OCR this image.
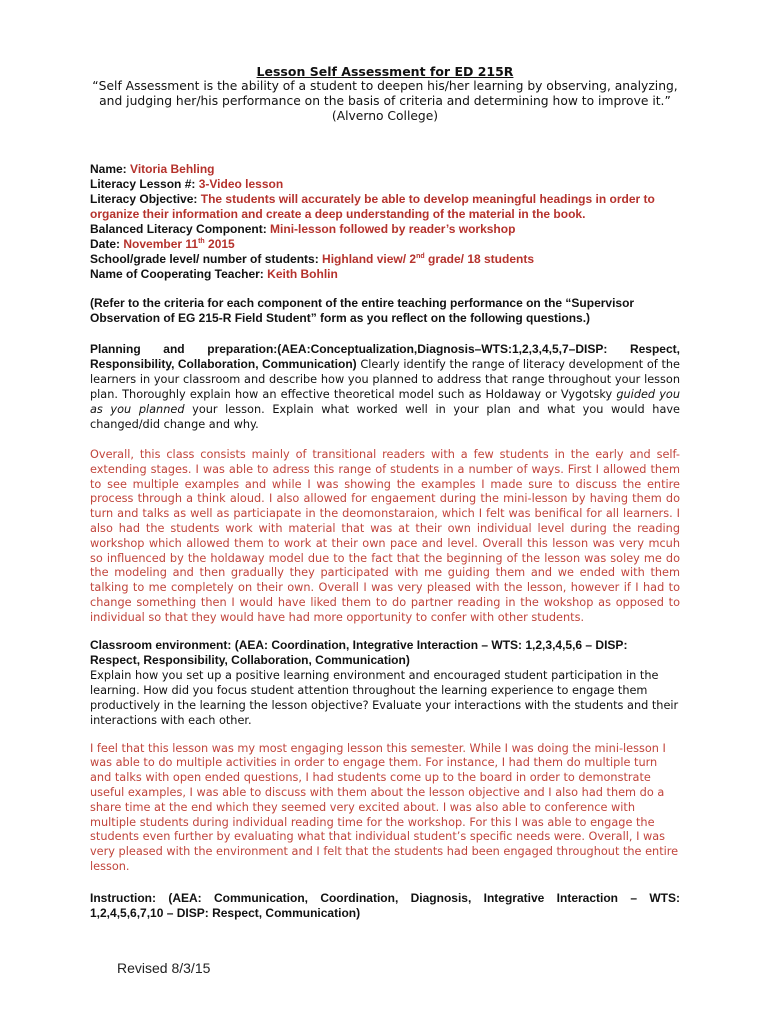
Lesson Self Assessment for ED 215R

“Self Assessment is the ability of a student to deepen his/her learning by observing, analyzing, and judging her/his performance on the basis of criteria and determining how to improve it.” (Alverno College)

Name: Vitoria Behling

Literacy Lesson #: 3-Video lesson

Literacy Objective: The students will accurately be able to develop meaningful headings in order to organize their information and create a deep understanding of the material in the book.

Balanced Literacy Component: Mini-lesson followed by reader’s workshop

Date: November 11th 2015

School/grade level/ number of students: Highland view/ 2nd grade/ 18 students

Name of Cooperating Teacher: Keith Bohlin

(Refer to the criteria for each component of the entire teaching performance on the “Supervisor Observation of EG 215-R Field Student” form as you reflect on the following questions.)

Planning and preparation:(AEA:Conceptualization,Diagnosis–WTS:1,2,3,4,5,7–DISP: Respect, Responsibility, Collaboration, Communication) Clearly identify the range of literacy development of the learners in your classroom and describe how you planned to address that range throughout your lesson plan. Thoroughly explain how an effective theoretical model such as Holdaway or Vygotsky guided you as you planned your lesson. Explain what worked well in your plan and what you would have changed/did change and why.

Overall, this class consists mainly of transitional readers with a few students in the early and self-extending stages. I was able to adress this range of students in a number of ways. First I allowed them to see multiple examples and while I was showing the examples I made sure to discuss the entire process through a think aloud. I also allowed for engaement during the mini-lesson by having them do turn and talks as well as particiapate in the deomonstaraion, which I felt was benifical for all learners. I also had the students work with material that was at their own individual level during the reading workshop which allowed them to work at their own pace and level. Overall this lesson was very mcuh so influenced by the holdaway model due to the fact that the beginning of the lesson was soley me do the modeling and then gradually they participated with me guiding them and we ended with them talking to me completely on their own. Overall I was very pleased with the lesson, however if I had to change something then I would have liked them to do partner reading in the wokshop as opposed to individual so that they would have had more opportunity to confer with other students.

Classroom environment: (AEA: Coordination, Integrative Interaction – WTS: 1,2,3,4,5,6 – DISP: Respect, Responsibility, Collaboration, Communication)

Explain how you set up a positive learning environment and encouraged student participation in the learning. How did you focus student attention throughout the learning experience to engage them productively in the learning the lesson objective? Evaluate your interactions with the students and their interactions with each other.

I feel that this lesson was my most engaging lesson this semester. While I was doing the mini-lesson I was able to do multiple activities in order to engage them. For instance, I had them do multiple turn and talks with open ended questions, I had students come up to the board in order to demonstrate useful examples, I was able to discuss with them about the lesson objective and I also had them do a share time at the end which they seemed very excited about. I was also able to conference with multiple students during individual reading time for the workshop. For this I was able to engage the students even further by evaluating what that individual student’s specific needs were. Overall, I was very pleased with the environment and I felt that the students had been engaged throughout the entire lesson.

Instruction: (AEA: Communication, Coordination, Diagnosis, Integrative Interaction – WTS: 1,2,4,5,6,7,10 – DISP: Respect, Communication)

Revised 8/3/15
